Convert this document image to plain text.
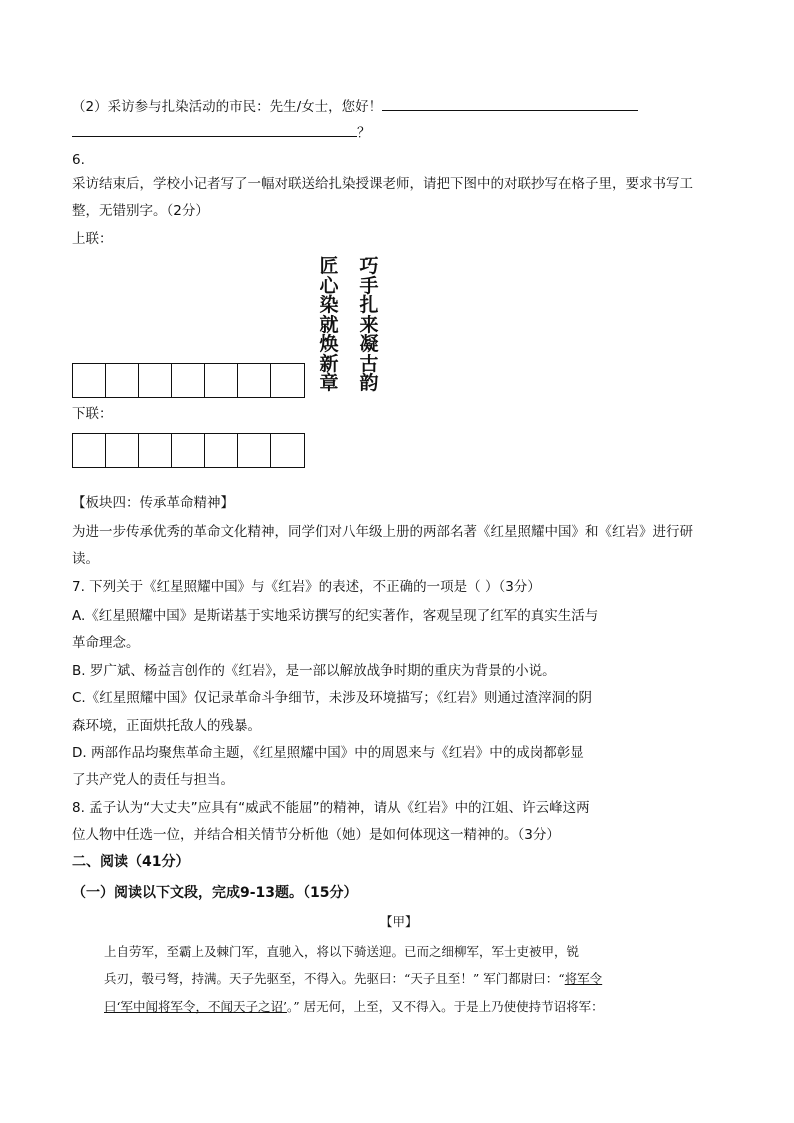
（2）采访参与扎染活动的市民：先生/女士，您好！
？
6.
采访结束后，学校小记者写了一幅对联送给扎染授课老师，请把下图中的对联抄写在格子里，要求书写工
整，无错别字。（2分）
上联：
巧手扎来凝古韵
匠心染就焕新章
下联：
【板块四：传承革命精神】
为进一步传承优秀的革命文化精神，同学们对八年级上册的两部名著《红星照耀中国》和《红岩》进行研
读。
7. 下列关于《红星照耀中国》与《红岩》的表述，不正确的一项是（ ）（3分）
A.《红星照耀中国》是斯诺基于实地采访撰写的纪实著作，客观呈现了红军的真实生活与
革命理念。
B. 罗广斌、杨益言创作的《红岩》，是一部以解放战争时期的重庆为背景的小说。
C.《红星照耀中国》仅记录革命斗争细节，未涉及环境描写；《红岩》则通过渣滓洞的阴
森环境，正面烘托敌人的残暴。
D. 两部作品均聚焦革命主题，《红星照耀中国》中的周恩来与《红岩》中的成岗都彰显
了共产党人的责任与担当。
8. 孟子认为“大丈夫”应具有“威武不能屈”的精神，请从《红岩》中的江姐、许云峰这两
位人物中任选一位，并结合相关情节分析他（她）是如何体现这一精神的。（3分）
二、阅读（41分）
（一）阅读以下文段，完成9-13题。（15分）
【甲】
上自劳军，至霸上及棘门军，直驰入，将以下骑送迎。已而之细柳军，军士吏被甲，锐
兵刃，彀弓弩，持满。天子先驱至，不得入。先驱曰：“天子且至！” 军门都尉曰：“将军令
曰‘军中闻将军令，不闻天子之诏’。” 居无何，上至，又不得入。于是上乃使使持节诏将军：
